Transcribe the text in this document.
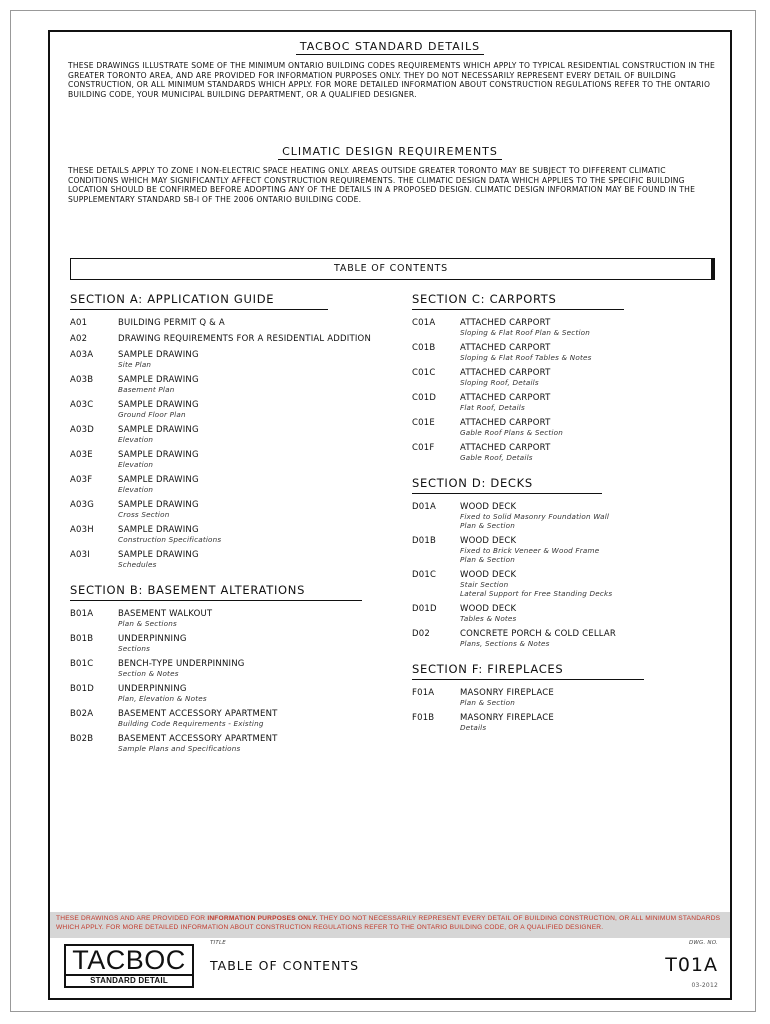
TACBOC STANDARD DETAILS
THESE DRAWINGS ILLUSTRATE SOME OF THE MINIMUM ONTARIO BUILDING CODES REQUIREMENTS WHICH APPLY TO TYPICAL RESIDENTIAL CONSTRUCTION IN THE GREATER TORONTO AREA, AND ARE PROVIDED FOR INFORMATION PURPOSES ONLY. THEY DO NOT NECESSARILY REPRESENT EVERY DETAIL OF BUILDING CONSTRUCTION, OR ALL MINIMUM STANDARDS WHICH APPLY. FOR MORE DETAILED INFORMATION ABOUT CONSTRUCTION REGULATIONS REFER TO THE ONTARIO BUILDING CODE, YOUR MUNICIPAL BUILDING DEPARTMENT, OR A QUALIFIED DESIGNER.
CLIMATIC DESIGN REQUIREMENTS
THESE DETAILS APPLY TO ZONE I NON-ELECTRIC SPACE HEATING ONLY. AREAS OUTSIDE GREATER TORONTO MAY BE SUBJECT TO DIFFERENT CLIMATIC CONDITIONS WHICH MAY SIGNIFICANTLY AFFECT CONSTRUCTION REQUIREMENTS. THE CLIMATIC DESIGN DATA WHICH APPLIES TO THE SPECIFIC BUILDING LOCATION SHOULD BE CONFIRMED BEFORE ADOPTING ANY OF THE DETAILS IN A PROPOSED DESIGN. CLIMATIC DESIGN INFORMATION MAY BE FOUND IN THE SUPPLEMENTARY STANDARD SB-I OF THE 2006 ONTARIO BUILDING CODE.
TABLE OF CONTENTS
SECTION A: APPLICATION GUIDE
A01	BUILDING PERMIT Q & A
A02	DRAWING REQUIREMENTS FOR A RESIDENTIAL ADDITION
A03A	SAMPLE DRAWING
Site Plan
A03B	SAMPLE DRAWING
Basement Plan
A03C	SAMPLE DRAWING
Ground Floor Plan
A03D	SAMPLE DRAWING
Elevation
A03E	SAMPLE DRAWING
Elevation
A03F	SAMPLE DRAWING
Elevation
A03G	SAMPLE DRAWING
Cross Section
A03H	SAMPLE DRAWING
Construction Specifications
A03I	SAMPLE DRAWING
Schedules
SECTION B: BASEMENT ALTERATIONS
B01A	BASEMENT WALKOUT
Plan & Sections
B01B	UNDERPINNING
Sections
B01C	BENCH-TYPE UNDERPINNING
Section & Notes
B01D	UNDERPINNING
Plan, Elevation & Notes
B02A	BASEMENT ACCESSORY APARTMENT
Building Code Requirements - Existing
B02B	BASEMENT ACCESSORY APARTMENT
Sample Plans and Specifications
SECTION C: CARPORTS
C01A	ATTACHED CARPORT
Sloping & Flat Roof Plan & Section
C01B	ATTACHED CARPORT
Sloping & Flat Roof Tables & Notes
C01C	ATTACHED CARPORT
Sloping Roof, Details
C01D	ATTACHED CARPORT
Flat Roof, Details
C01E	ATTACHED CARPORT
Gable Roof Plans & Section
C01F	ATTACHED CARPORT
Gable Roof, Details
SECTION D: DECKS
D01A	WOOD DECK
Fixed to Solid Masonry Foundation Wall
Plan & Section
D01B	WOOD DECK
Fixed to Brick Veneer & Wood Frame
Plan & Section
D01C	WOOD DECK
Stair Section
Lateral Support for Free Standing Decks
D01D	WOOD DECK
Tables & Notes
D02	CONCRETE PORCH & COLD CELLAR
Plans, Sections & Notes
SECTION F: FIREPLACES
F01A	MASONRY FIREPLACE
Plan & Section
F01B	MASONRY FIREPLACE
Details
THESE DRAWINGS AND ARE PROVIDED FOR INFORMATION PURPOSES ONLY. THEY DO NOT NECESSARILY REPRESENT EVERY DETAIL OF BUILDING CONSTRUCTION, OR ALL MINIMUM STANDARDS WHICH APPLY. FOR MORE DETAILED INFORMATION ABOUT CONSTRUCTION REGULATIONS REFER TO THE ONTARIO BUILDING CODE, OR A QUALIFIED DESIGNER.
TACBOC
STANDARD DETAIL
TITLE
TABLE OF CONTENTS
DWG. NO.
T01A
03-2012
